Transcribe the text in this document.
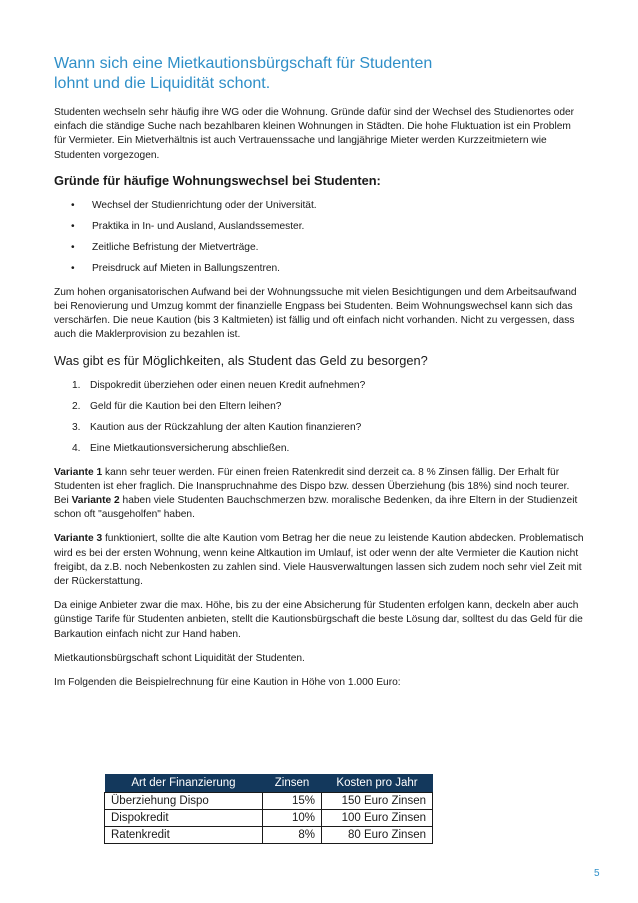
Wann sich eine Mietkautionsbürgschaft für Studenten
lohnt und die Liquidität schont.

Studenten wechseln sehr häufig ihre WG oder die Wohnung. Gründe dafür sind der Wechsel des Studienortes oder einfach die ständige Suche nach bezahlbaren kleinen Wohnungen in Städten. Die hohe Fluktuation ist ein Problem für Vermieter. Ein Mietverhältnis ist auch Vertrauenssache und langjährige Mieter werden Kurzzeitmietern wie Studenten vorgezogen.

Gründe für häufige Wohnungswechsel bei Studenten:
• Wechsel der Studienrichtung oder der Universität.
• Praktika in In- und Ausland, Auslandssemester.
• Zeitliche Befristung der Mietverträge.
• Preisdruck auf Mieten in Ballungszentren.

Zum hohen organisatorischen Aufwand bei der Wohnungssuche mit vielen Besichtigungen und dem Arbeitsaufwand bei Renovierung und Umzug kommt der finanzielle Engpass bei Studenten. Beim Wohnungswechsel kann sich das verschärfen. Die neue Kaution (bis 3 Kaltmieten) ist fällig und oft einfach nicht vorhanden. Nicht zu vergessen, dass auch die Maklerprovision zu bezahlen ist.

Was gibt es für Möglichkeiten, als Student das Geld zu besorgen?
1. Dispokredit überziehen oder einen neuen Kredit aufnehmen?
2. Geld für die Kaution bei den Eltern leihen?
3. Kaution aus der Rückzahlung der alten Kaution finanzieren?
4. Eine Mietkautionsversicherung abschließen.

Variante 1 kann sehr teuer werden. Für einen freien Ratenkredit sind derzeit ca. 8 % Zinsen fällig. Der Erhalt für Studenten ist eher fraglich. Die Inanspruchnahme des Dispo bzw. dessen Überziehung (bis 18%) sind noch teurer. Bei Variante 2 haben viele Studenten Bauchschmerzen bzw. moralische Bedenken, da ihre Eltern in der Studienzeit schon oft "ausgeholfen" haben.

Variante 3 funktioniert, sollte die alte Kaution vom Betrag her die neue zu leistende Kaution abdecken. Problematisch wird es bei der ersten Wohnung, wenn keine Altkaution im Umlauf, ist oder wenn der alte Vermieter die Kaution nicht freigibt, da z.B. noch Nebenkosten zu zahlen sind. Viele Hausverwaltungen lassen sich zudem noch sehr viel Zeit mit der Rückerstattung.

Da einige Anbieter zwar die max. Höhe, bis zu der eine Absicherung für Studenten erfolgen kann, deckeln aber auch günstige Tarife für Studenten anbieten, stellt die Kautionsbürgschaft die beste Lösung dar, solltest du das Geld für die Barkaution einfach nicht zur Hand haben.

Mietkautionsbürgschaft schont Liquidität der Studenten.

Im Folgenden die Beispielrechnung für eine Kaution in Höhe von 1.000 Euro:

Art der Finanzierung	Zinsen	Kosten pro Jahr
Überziehung Dispo	15%	150 Euro Zinsen
Dispokredit	10%	100 Euro Zinsen
Ratenkredit	8%	80 Euro Zinsen
5
